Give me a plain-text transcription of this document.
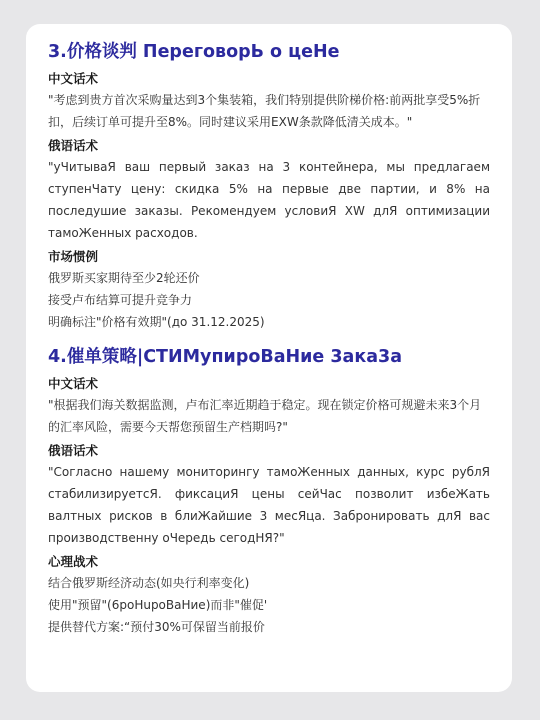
3.价格谈判 ПереговорЬ о цеНе
中文话术

"考虑到贵方首次采购量达到3个集装箱，我们特别提供阶梯价格:前两批享受5%折扣，后续订单可提升至8%。同时建议采用EXW条款降低清关成本。"

俄语话术

"уЧитываЯ ваш первый заказ на 3 контейнера, мы предлагаем ступенЧату цену: скидка 5% на первые две партии, и 8% на последушие заказы. Рекомендуем условиЯ XW длЯ оптимизации тамоЖенных расходов.

市场惯例
俄罗斯买家期待至少2轮还价
接受卢布结算可提升竞争力
明确标注"价格有效期"(до 31.12.2025)
4.催单策略|СТИМупироВаНие 3ака3а
中文话术

"根据我们海关数据监测，卢布汇率近期趋于稳定。现在锁定价格可规避未来3个月的汇率风险，需要今天帮您预留生产档期吗?"

俄语话术

"Согласно нашему мониторингу тамоЖенных данных, курс рублЯ стабилизируетсЯ. фиксациЯ цены сейЧас позволит избеЖать валтных рисков в блиЖайшие 3 месЯца. Забронировать длЯ вас производственну оЧередь сегодНЯ?"

心理战术
结合俄罗斯经济动态(如央行利率变化)
使用"预留"(6роНuроВаНие)而非"催促'
提供替代方案:“预付30%可保留当前报价
